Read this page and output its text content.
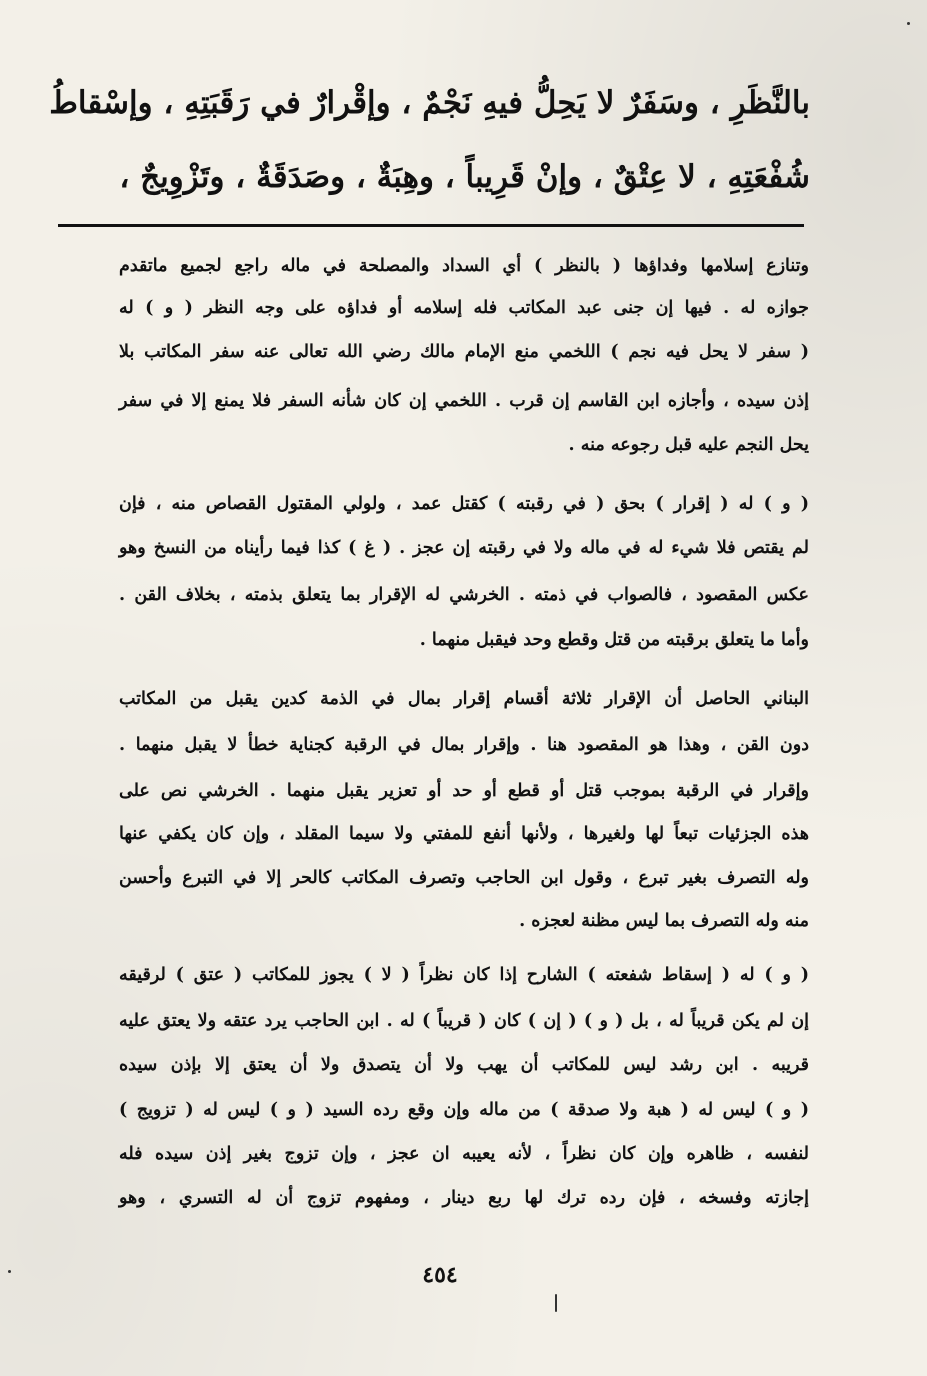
بالنَّظَرِ ، وسَفَرٌ لا يَحِلُّ فيهِ نَجْمٌ ، وإقْرارٌ في رَقَبَتِهِ ، وإسْقاطُ
شُفْعَتِهِ ، لا عِتْقٌ ، وإنْ قَرِيباً ، وهِبَةٌ ، وصَدَقَةٌ ، وتَزْوِيجٌ ،
وتنازع إسلامها وفداؤها ( بالنظر ) أي السداد والمصلحة في ماله راجع لجميع ماتقدم
جوازه له . فيها إن جنى عبد المكاتب فله إسلامه أو فداؤه على وجه النظر ( و ) له
( سفر لا يحل فيه نجم ) اللخمي منع الإمام مالك رضي الله تعالى عنه سفر المكاتب بلا
إذن سيده ، وأجازه ابن القاسم إن قرب . اللخمي إن كان شأنه السفر فلا يمنع إلا في سفر
يحل النجم عليه قبل رجوعه منه .
( و ) له ( إقرار ) بحق ( في رقبته ) كقتل عمد ، ولولي المقتول القصاص منه ، فإن
لم يقتص فلا شيء له في ماله ولا في رقبته إن عجز . ( غ ) كذا فيما رأيناه من النسخ وهو
عكس المقصود ، فالصواب في ذمته . الخرشي له الإقرار بما يتعلق بذمته ، بخلاف القن .
وأما ما يتعلق برقبته من قتل وقطع وحد فيقبل منهما .
البناني الحاصل أن الإقرار ثلاثة أقسام إقرار بمال في الذمة كدين يقبل من المكاتب
دون القن ، وهذا هو المقصود هنا . وإقرار بمال في الرقبة كجناية خطأ لا يقبل منهما .
وإقرار في الرقبة بموجب قتل أو قطع أو حد أو تعزير يقبل منهما . الخرشي نص على
هذه الجزئيات تبعاً لها ولغيرها ، ولأنها أنفع للمفتي ولا سيما المقلد ، وإن كان يكفي عنها
وله التصرف بغير تبرع ، وقول ابن الحاجب وتصرف المكاتب كالحر إلا في التبرع وأحسن
منه وله التصرف بما ليس مظنة لعجزه .
( و ) له ( إسقاط شفعته ) الشارح إذا كان نظراً ( لا ) يجوز للمكاتب ( عتق ) لرقيقه
إن لم يكن قريباً له ، بل ( و ) ( إن ) كان ( قريباً ) له . ابن الحاجب يرد عتقه ولا يعتق عليه
قريبه . ابن رشد ليس للمكاتب أن يهب ولا أن يتصدق ولا أن يعتق إلا بإذن سيده
( و ) ليس له ( هبة ولا صدقة ) من ماله وإن وقع رده السيد ( و ) ليس له ( تزويج )
لنفسه ، ظاهره وإن كان نظراً ، لأنه يعيبه ان عجز ، وإن تزوج بغير إذن سيده فله
إجازته وفسخه ، فإن رده ترك لها ربع دينار ، ومفهوم تزوج أن له التسري ، وهو
٤٥٤
